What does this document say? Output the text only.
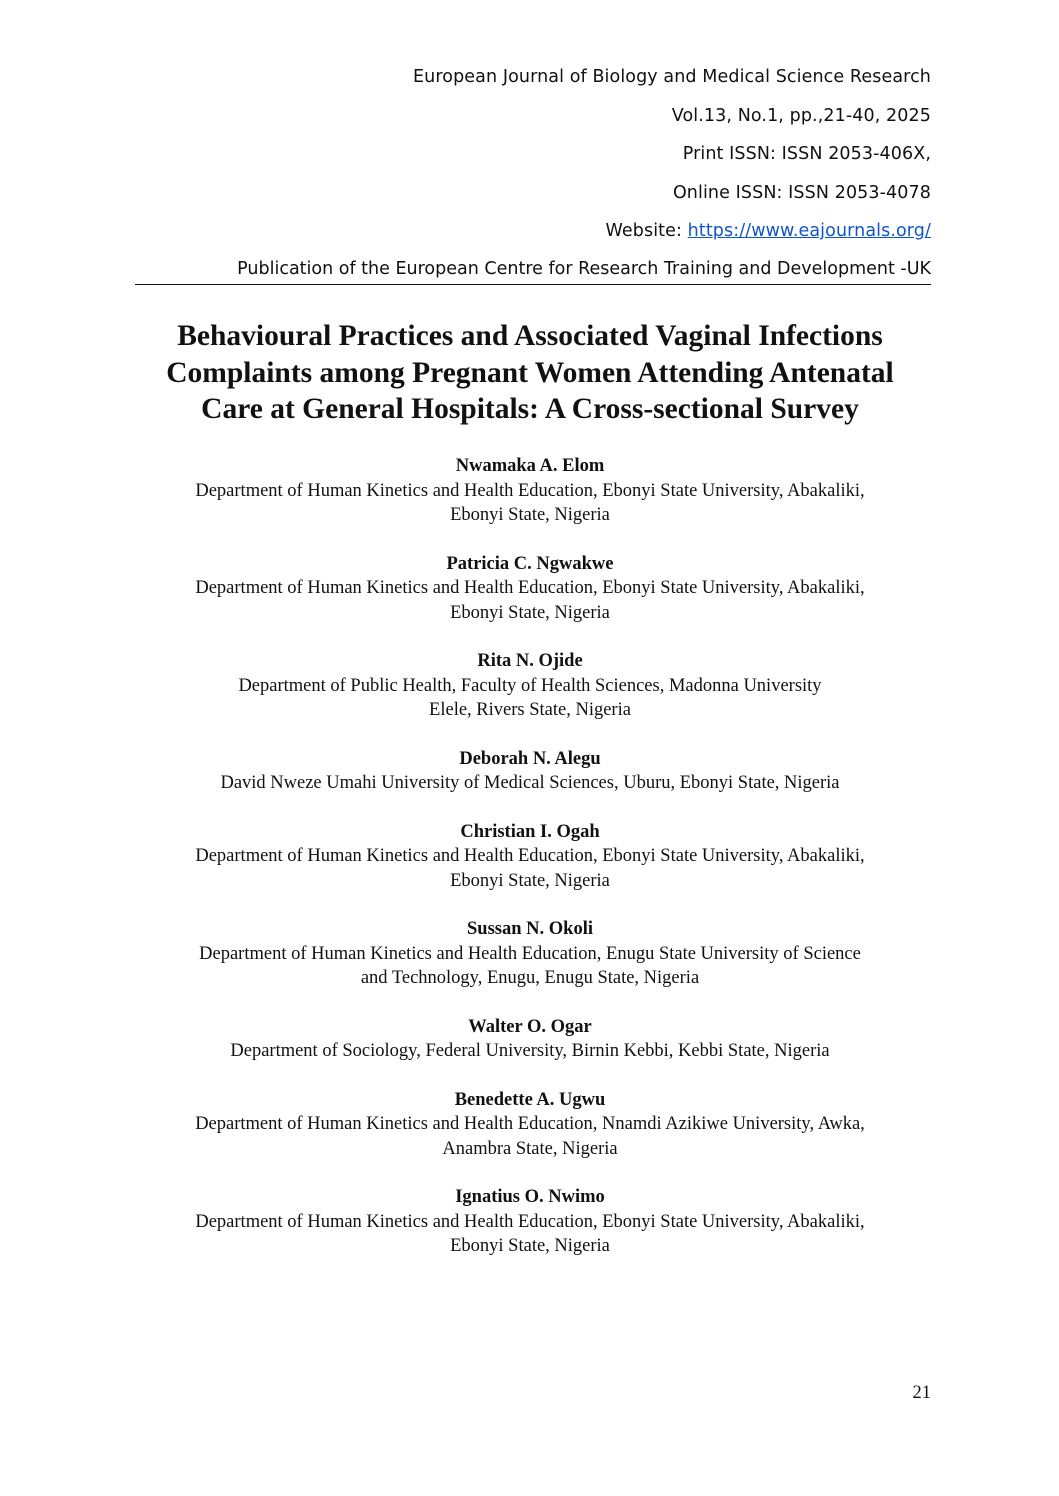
European Journal of Biology and Medical Science Research
Vol.13, No.1, pp.,21-40, 2025
Print ISSN: ISSN 2053-406X,
Online ISSN: ISSN 2053-4078
Website: https://www.eajournals.org/
Publication of the European Centre for Research Training and Development -UK
Behavioural Practices and Associated Vaginal Infections
Complaints among Pregnant Women Attending Antenatal
Care at General Hospitals: A Cross-sectional Survey
Nwamaka A. Elom
Department of Human Kinetics and Health Education, Ebonyi State University, Abakaliki,
Ebonyi State, Nigeria
Patricia C. Ngwakwe
Department of Human Kinetics and Health Education, Ebonyi State University, Abakaliki,
Ebonyi State, Nigeria
Rita N. Ojide
Department of Public Health, Faculty of Health Sciences, Madonna University
Elele, Rivers State, Nigeria
Deborah N. Alegu
David Nweze Umahi University of Medical Sciences, Uburu, Ebonyi State, Nigeria
Christian I. Ogah
Department of Human Kinetics and Health Education, Ebonyi State University, Abakaliki,
Ebonyi State, Nigeria
Sussan N. Okoli
Department of Human Kinetics and Health Education, Enugu State University of Science
and Technology, Enugu, Enugu State, Nigeria
Walter O. Ogar
Department of Sociology, Federal University, Birnin Kebbi, Kebbi State, Nigeria
Benedette A. Ugwu
Department of Human Kinetics and Health Education, Nnamdi Azikiwe University, Awka,
Anambra State, Nigeria
Ignatius O. Nwimo
Department of Human Kinetics and Health Education, Ebonyi State University, Abakaliki,
Ebonyi State, Nigeria
21
